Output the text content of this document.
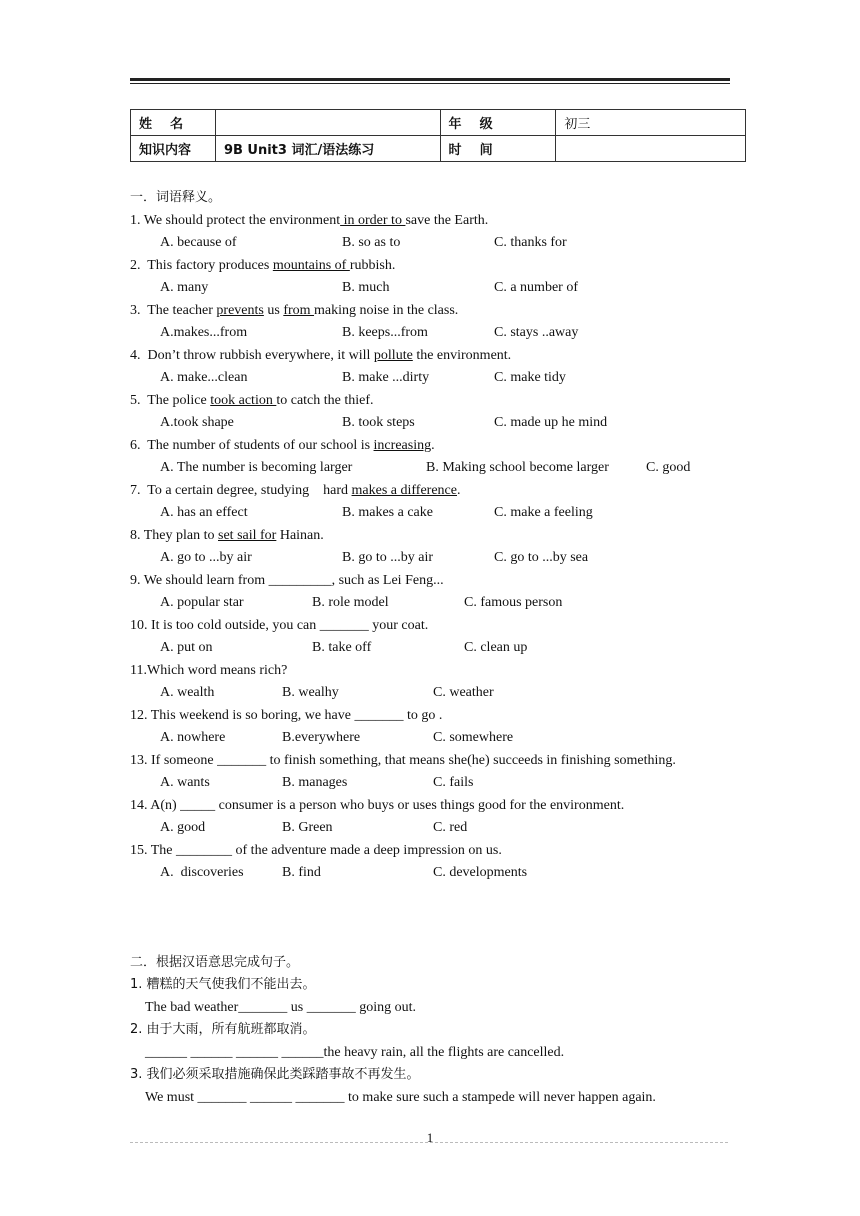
姓    名		年    级	初三
知识内容	9B Unit3 词汇/语法练习	时    间	
一．词语释义。
1. We should protect the environment in order to save the Earth.
A. because of	B. so as to	C. thanks for
2.  This factory produces mountains of rubbish.
A. many	B. much	C. a number of
3.  The teacher prevents us from making noise in the class.
A.makes...from	B. keeps...from	C. stays ..away
4.  Don’t throw rubbish everywhere, it will pollute the environment.
A. make...clean	B. make ...dirty	C. make tidy
5.  The police took action to catch the thief.
A.took shape	B. took steps	C. made up he mind
6.  The number of students of our school is increasing.
A. The number is becoming larger	B. Making school become larger	C. good
7.  To a certain degree, studying    hard makes a difference.
A. has an effect	B. makes a cake	C. make a feeling
8. They plan to set sail for Hainan.
A. go to ...by air	B. go to ...by air	C. go to ...by sea
9. We should learn from _________, such as Lei Feng...
A. popular star	B. role model	C. famous person
10. It is too cold outside, you can _______ your coat.
A. put on	B. take off	C. clean up
11.Which word means rich?
A. wealth	B. wealhy	C. weather
12. This weekend is so boring, we have _______ to go .
A. nowhere	B.everywhere	C. somewhere
13. If someone _______ to finish something, that means she(he) succeeds in finishing something.
A. wants	B. manages	C. fails
14. A(n) _____ consumer is a person who buys or uses things good for the environment.
A. good	B. Green	C. red
15. The ________ of the adventure made a deep impression on us.
A.  discoveries	B. find	C. developments
二．根据汉语意思完成句子。
1. 糟糕的天气使我们不能出去。
The bad weather_______ us _______ going out.
2. 由于大雨，所有航班都取消。
______ ______ ______ ______the heavy rain, all the flights are cancelled.
3. 我们必须采取措施确保此类踩踏事故不再发生。
We must _______ ______ _______ to make sure such a stampede will never happen again.
1
